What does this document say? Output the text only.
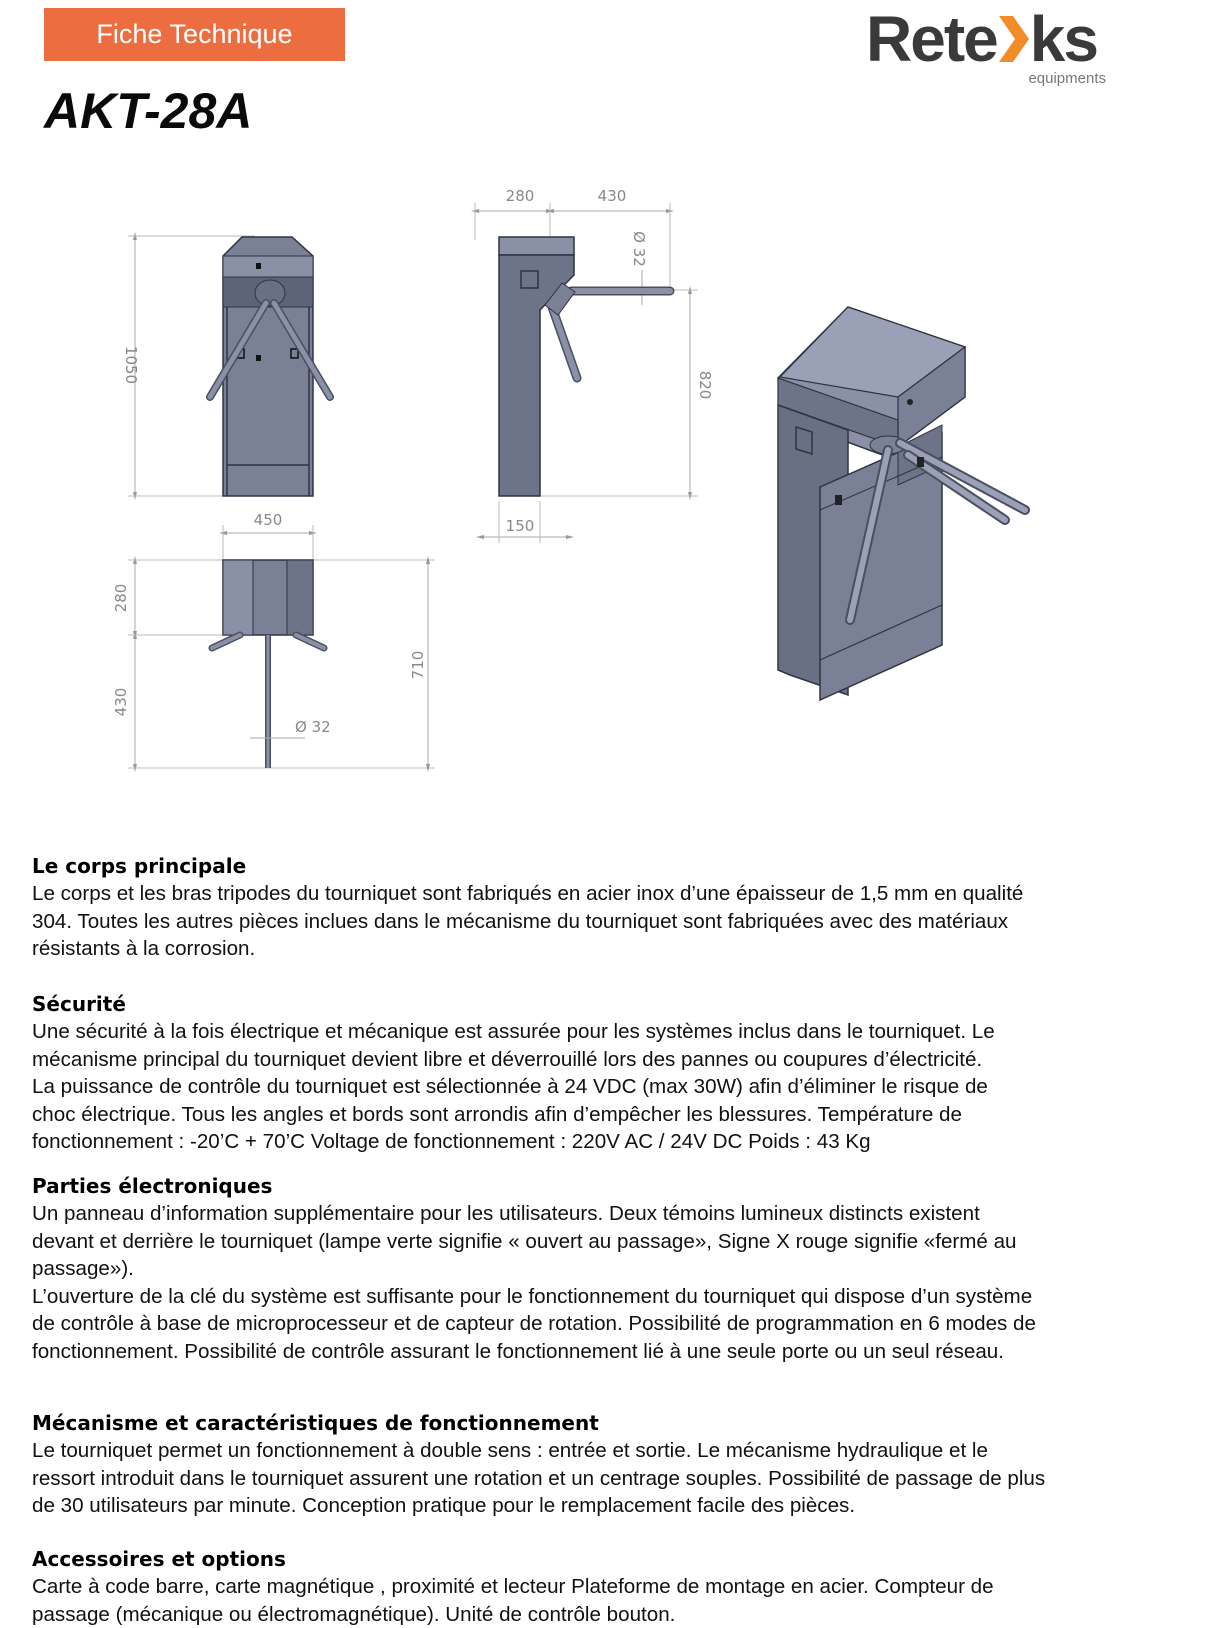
Fiche Technique
AKT-28A
Rete ks
equipments
1050
280	430
Ø 32
820
150
450
280
430
710
Ø 32
Le corps principale

Le corps et les bras tripodes du tourniquet sont fabriqués en acier inox d’une épaisseur de 1,5 mm en qualité

304. Toutes les autres pièces inclues dans le mécanisme du tourniquet sont fabriquées avec des matériaux

résistants à la corrosion.

Sécurité

Une sécurité à la fois électrique et mécanique est assurée pour les systèmes inclus dans le tourniquet. Le

mécanisme principal du tourniquet devient libre et déverrouillé lors des pannes ou coupures d’électricité.

La puissance de contrôle du tourniquet est sélectionnée à 24 VDC (max 30W) afin d’éliminer le risque de

choc électrique. Tous les angles et bords sont arrondis afin d’empêcher les blessures. Température de

fonctionnement : -20’C + 70’C Voltage de fonctionnement : 220V AC / 24V DC Poids : 43 Kg

Parties électroniques

Un panneau d’information supplémentaire pour les utilisateurs. Deux témoins lumineux distincts existent

devant et derrière le tourniquet (lampe verte signifie « ouvert au passage», Signe X rouge signifie «fermé au

passage»).

L’ouverture de la clé du système est suffisante pour le fonctionnement du tourniquet qui dispose d’un système

de contrôle à base de microprocesseur et de capteur de rotation. Possibilité de programmation en 6 modes de

fonctionnement. Possibilité de contrôle assurant le fonctionnement lié à une seule porte ou un seul réseau.

Mécanisme et caractéristiques de fonctionnement

Le tourniquet permet un fonctionnement à double sens : entrée et sortie. Le mécanisme hydraulique et le

ressort introduit dans le tourniquet assurent une rotation et un centrage souples. Possibilité de passage de plus

de 30 utilisateurs par minute. Conception pratique pour le remplacement facile des pièces.

Accessoires et options

Carte à code barre, carte magnétique , proximité et lecteur Plateforme de montage en acier. Compteur de

passage (mécanique ou électromagnétique). Unité de contrôle bouton.
